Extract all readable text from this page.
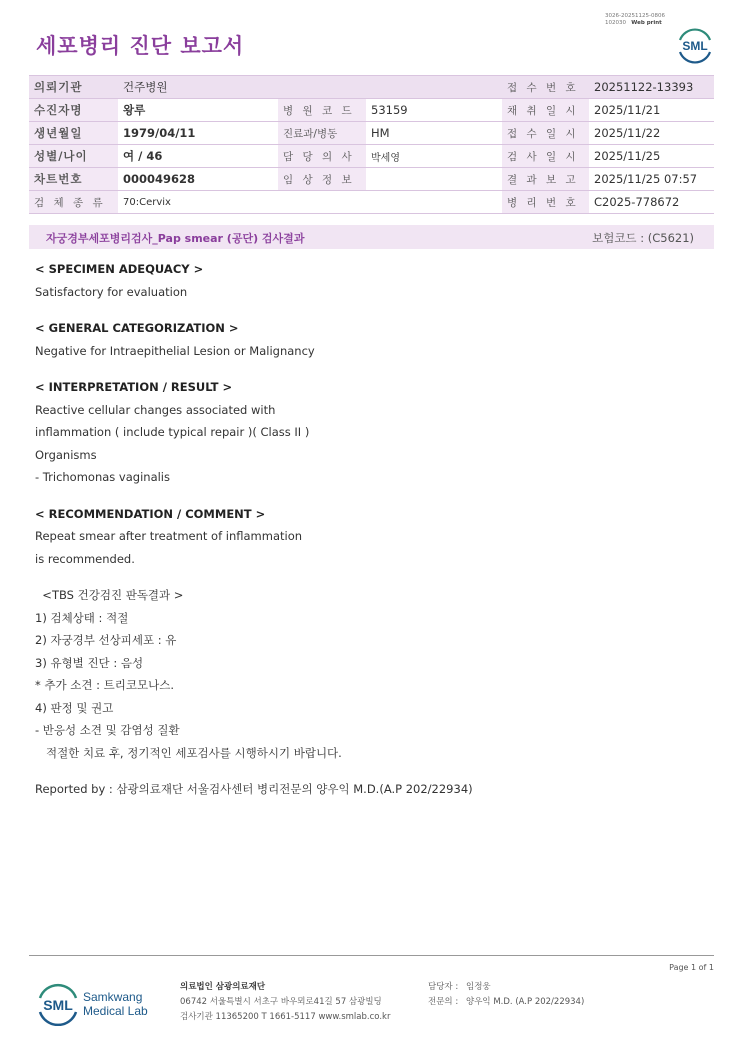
세포병리 진단 보고서
3026-20251125-0806
102030 Web print
SML
의뢰기관	건주병원			접 수 번 호	20251122-13393
수진자명	왕루	병 원 코 드	53159	채 취 일 시	2025/11/21
생년월일	1979/04/11	진료과/병동	HM	접 수 일 시	2025/11/22
성별/나이	여 / 46	담 당 의 사	박세영	검 사 일 시	2025/11/25
차트번호	000049628	임 상 정 보		결 과 보 고	2025/11/25 07:57
검 체 종 류	70:Cervix			병 리 번 호	C2025-778672
자궁경부세포병리검사_Pap smear (공단) 검사결과	보험코드 : (C5621)
< SPECIMEN ADEQUACY >
Satisfactory for evaluation
< GENERAL CATEGORIZATION >
Negative for Intraepithelial Lesion or Malignancy
< INTERPRETATION / RESULT >
Reactive cellular changes associated with
inflammation ( include typical repair )( Class II )
Organisms
- Trichomonas vaginalis
< RECOMMENDATION / COMMENT >
Repeat smear after treatment of inflammation
is recommended.
<TBS 건강검진 판독결과 >
1) 검체상태 : 적절
2) 자궁경부 선상피세포 : 유
3) 유형별 진단 : 음성
* 추가 소견 : 트리코모나스.
4) 판정 및 권고
- 반응성 소견 및 감염성 질환
적절한 치료 후, 정기적인 세포검사를 시행하시기 바랍니다.
Reported by : 삼광의료재단 서울검사센터 병리전문의 양우익 M.D.(A.P 202/22934)
Page 1 of 1
SML Samkwang
Medical Lab
의료법인 삼광의료재단
06742 서울특별시 서초구 바우뫼로41길 57 삼광빌딩
검사기관 11365200 T 1661-5117 www.smlab.co.kr
담당자 : 임정웅
전문의 : 양우익 M.D. (A.P 202/22934)
